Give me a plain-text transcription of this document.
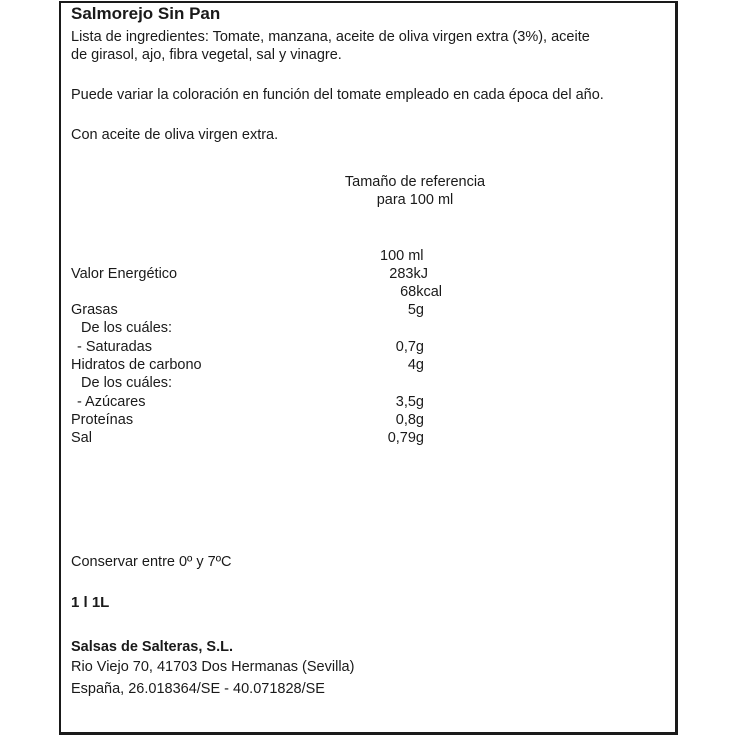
Salmorejo Sin Pan
Lista de ingredientes: Tomate, manzana, aceite de oliva virgen extra (3%), aceite
de girasol, ajo, fibra vegetal, sal y vinagre.
Puede variar la coloración en función del tomate empleado en cada época del año.
Con aceite de oliva virgen extra.
Tamaño de referencia
para 100 ml
100 ml
Valor Energético	283kJ
68kcal
Grasas	5g
De los cuáles:
- Saturadas	0,7g
Hidratos de carbono	4g
De los cuáles:
- Azúcares	3,5g
Proteínas	0,8g
Sal	0,79g
Conservar entre 0º y 7ºC
1 l 1L
Salsas de Salteras, S.L.
Rio Viejo 70, 41703 Dos Hermanas (Sevilla)
España, 26.018364/SE - 40.071828/SE
